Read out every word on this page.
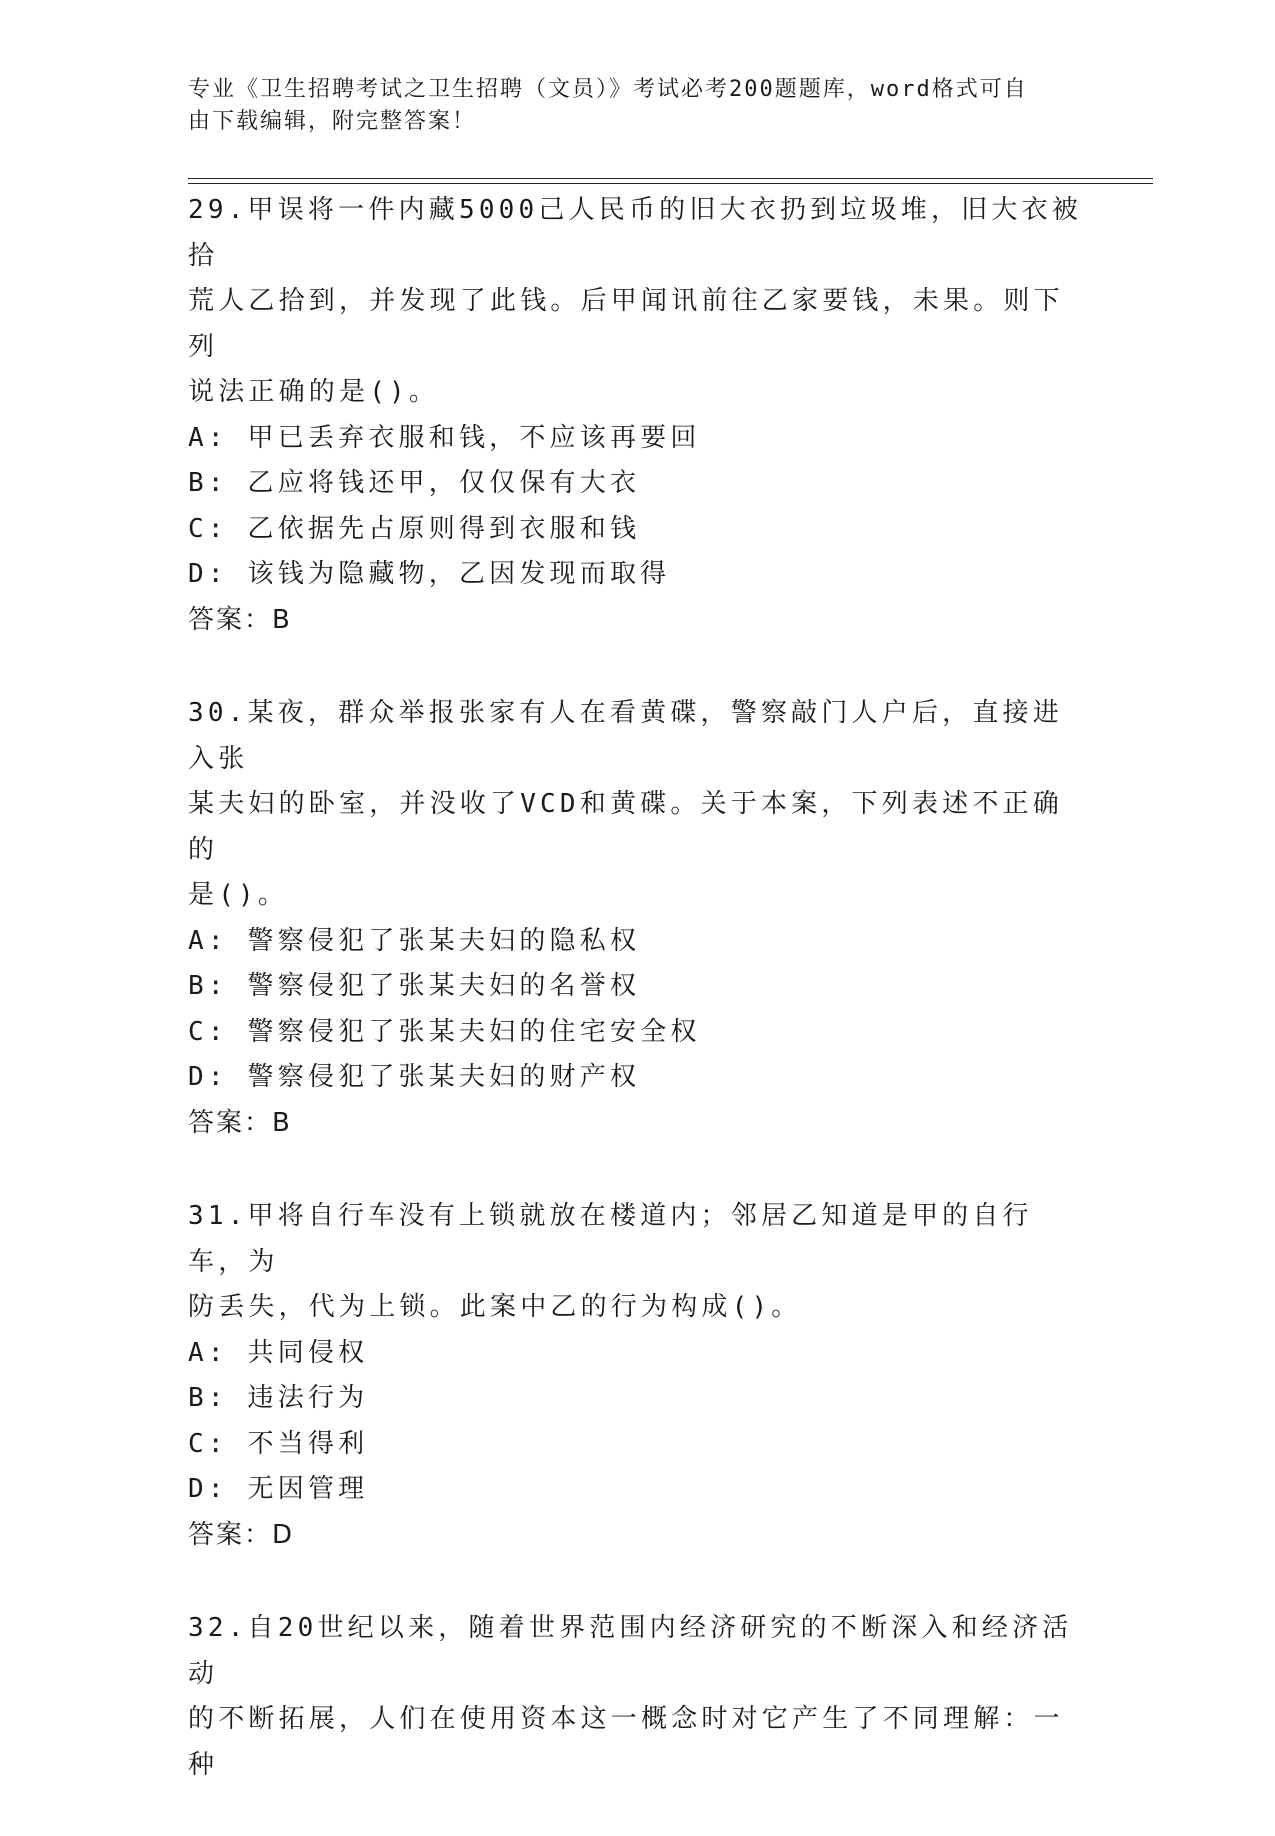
专业《卫生招聘考试之卫生招聘（文员）》考试必考200题题库，word格式可自
由下载编辑，附完整答案！
29.甲误将一件内藏5000己人民币的旧大衣扔到垃圾堆，旧大衣被拾
荒人乙拾到，并发现了此钱。后甲闻讯前往乙家要钱，未果。则下列
说法正确的是()。
A: 甲已丢弃衣服和钱，不应该再要回
B: 乙应将钱还甲，仅仅保有大衣
C: 乙依据先占原则得到衣服和钱
D: 该钱为隐藏物，乙因发现而取得
答案：B
30.某夜，群众举报张家有人在看黄碟，警察敲门人户后，直接进入张
某夫妇的卧室，并没收了VCD和黄碟。关于本案，下列表述不正确的
是()。
A: 警察侵犯了张某夫妇的隐私权
B: 警察侵犯了张某夫妇的名誉权
C: 警察侵犯了张某夫妇的住宅安全权
D: 警察侵犯了张某夫妇的财产权
答案：B
31.甲将自行车没有上锁就放在楼道内；邻居乙知道是甲的自行车，为
防丢失，代为上锁。此案中乙的行为构成()。
A: 共同侵权
B: 违法行为
C: 不当得利
D: 无因管理
答案：D
32.自20世纪以来，随着世界范围内经济研究的不断深入和经济活动
的不断拓展，人们在使用资本这一概念时对它产生了不同理解：一种
